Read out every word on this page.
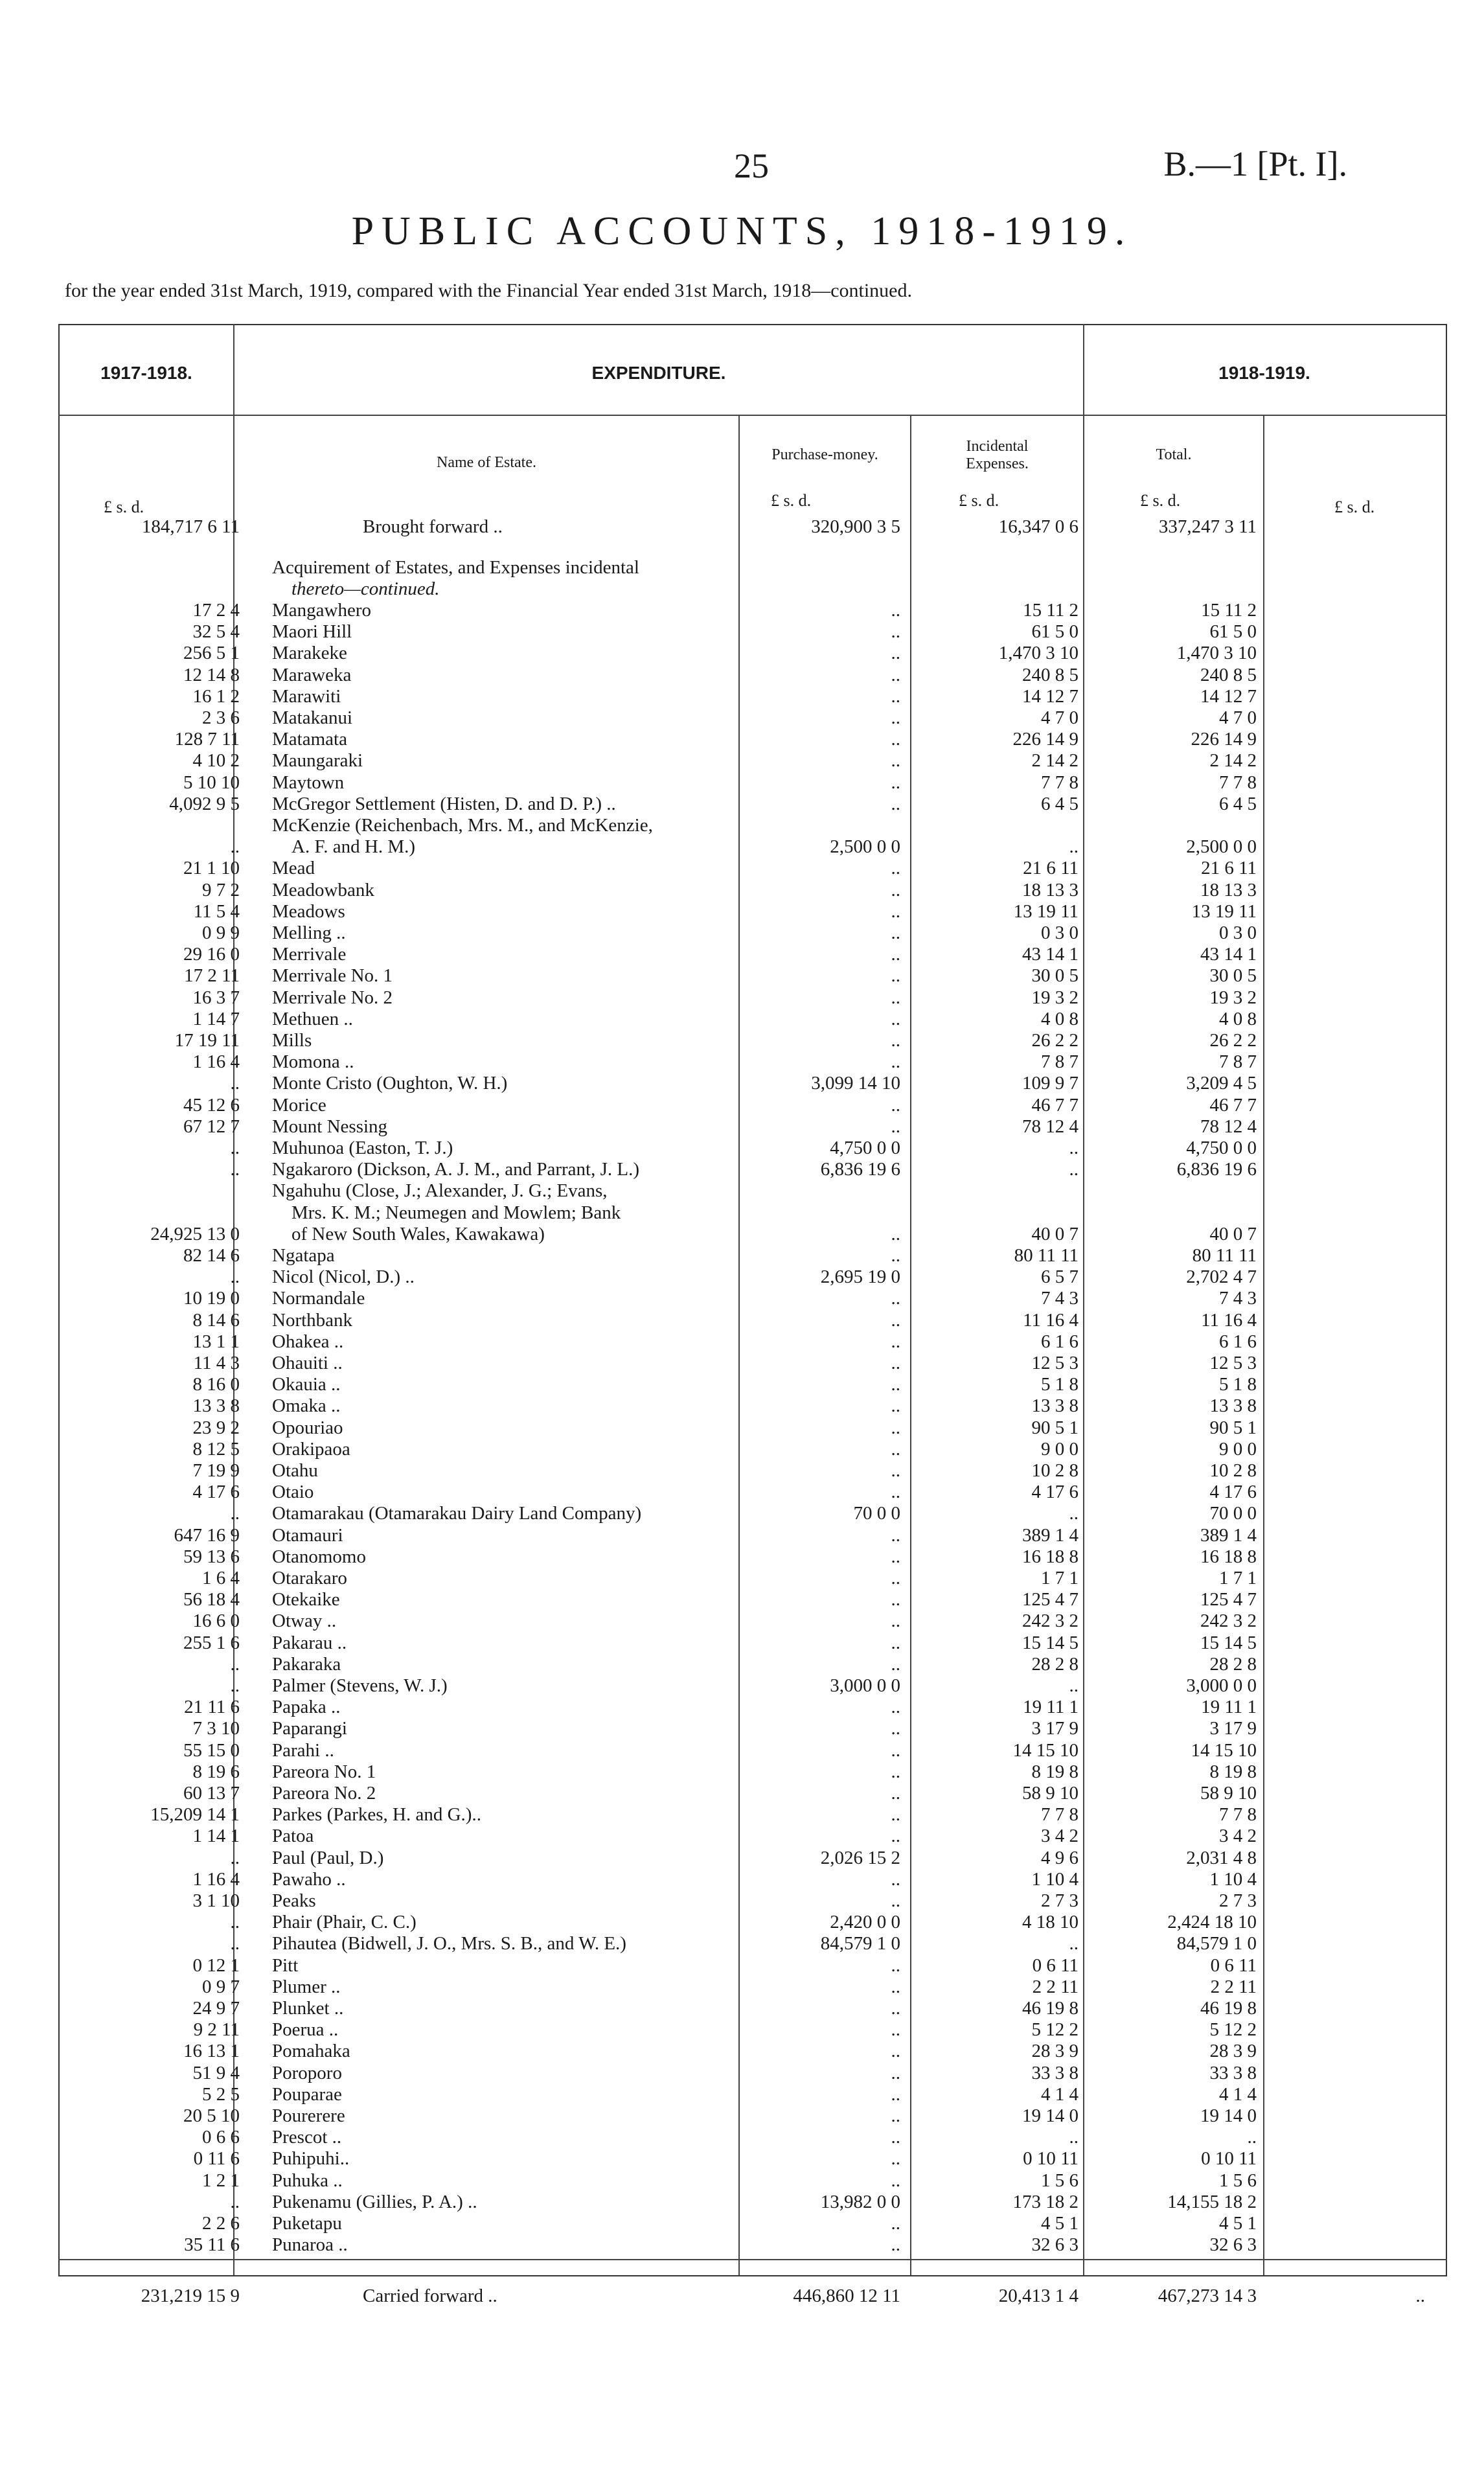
25	B.—1 [Pt. I].
PUBLIC ACCOUNTS, 1918-1919.
for the year ended 31st March, 1919, compared with the Financial Year ended 31st March, 1918—continued.
1917-1918.	EXPENDITURE.	1918-1919.
Name of Estate.	Purchase-money.	Incidental
Expenses.
Total.
£ s. d.	£ s. d.	£ s. d.	£ s. d.	£ s. d.
184,717 6 11	Brought forward ..	320,900 3 5	16,347 0 6	337,247 3 11
Acquirement of Estates, and Expenses incidental
thereto—continued.
17 2 4 Mangawhero	..	15 11 2	15 11 2
32 5 4 Maori Hill	..	61 5 0	61 5 0
256 5 1 Marakeke	..	1,470 3 10	1,470 3 10
12 14 8 Maraweka	..	240 8 5	240 8 5
16 1 2 Marawiti	..	14 12 7	14 12 7
2 3 6 Matakanui	..	4 7 0	4 7 0
128 7 11 Matamata	..	226 14 9	226 14 9
4 10 2 Maungaraki	..	2 14 2	2 14 2
5 10 10 Maytown	..	7 7 8	7 7 8
4,092 9 5 McGregor Settlement (Histen, D. and D. P.) ..	..	6 4 5	6 4 5
McKenzie (Reichenbach, Mrs. M., and McKenzie,
..	A. F. and H. M.)	2,500 0 0	..	2,500 0 0
21 1 10 Mead	..	21 6 11	21 6 11
9 7 2 Meadowbank	..	18 13 3	18 13 3
11 5 4 Meadows	..	13 19 11	13 19 11
0 9 9 Melling ..	..	0 3 0	0 3 0
29 16 0 Merrivale	..	43 14 1	43 14 1
17 2 11 Merrivale No. 1	..	30 0 5	30 0 5
16 3 7 Merrivale No. 2	..	19 3 2	19 3 2
1 14 7 Methuen ..	..	4 0 8	4 0 8
17 19 11 Mills	..	26 2 2	26 2 2
1 16 4 Momona ..	..	7 8 7	7 8 7
.. Monte Cristo (Oughton, W. H.)	3,099 14 10	109 9 7	3,209 4 5
45 12 6 Morice	..	46 7 7	46 7 7
67 12 7 Mount Nessing	..	78 12 4	78 12 4
.. Muhunoa (Easton, T. J.)	4,750 0 0	..	4,750 0 0
.. Ngakaroro (Dickson, A. J. M., and Parrant, J. L.)	6,836 19 6	..	6,836 19 6
Ngahuhu (Close, J.; Alexander, J. G.; Evans,
Mrs. K. M.; Neumegen and Mowlem; Bank
24,925 13 0	of New South Wales, Kawakawa)	..	40 0 7	40 0 7
82 14 6 Ngatapa	..	80 11 11	80 11 11
.. Nicol (Nicol, D.) ..	2,695 19 0	6 5 7	2,702 4 7
10 19 0 Normandale	..	7 4 3	7 4 3
8 14 6 Northbank	..	11 16 4	11 16 4
13 1 1 Ohakea ..	..	6 1 6	6 1 6
11 4 3 Ohauiti ..	..	12 5 3	12 5 3
8 16 0 Okauia ..	..	5 1 8	5 1 8
13 3 8 Omaka ..	..	13 3 8	13 3 8
23 9 2 Opouriao	..	90 5 1	90 5 1
8 12 5 Orakipaoa	..	9 0 0	9 0 0
7 19 9 Otahu	..	10 2 8	10 2 8
4 17 6 Otaio	..	4 17 6	4 17 6
.. Otamarakau (Otamarakau Dairy Land Company)	70 0 0	..	70 0 0
647 16 9 Otamauri	..	389 1 4	389 1 4
59 13 6 Otanomomo	..	16 18 8	16 18 8
1 6 4 Otarakaro	..	1 7 1	1 7 1
56 18 4 Otekaike	..	125 4 7	125 4 7
16 6 0 Otway ..	..	242 3 2	242 3 2
255 1 6 Pakarau ..	..	15 14 5	15 14 5
.. Pakaraka	..	28 2 8	28 2 8
.. Palmer (Stevens, W. J.)	3,000 0 0	..	3,000 0 0
21 11 6 Papaka ..	..	19 11 1	19 11 1
7 3 10 Paparangi	..	3 17 9	3 17 9
55 15 0 Parahi ..	..	14 15 10	14 15 10
8 19 6 Pareora No. 1	..	8 19 8	8 19 8
60 13 7 Pareora No. 2	..	58 9 10	58 9 10
15,209 14 1 Parkes (Parkes, H. and G.)..	..	7 7 8	7 7 8
1 14 1 Patoa	..	3 4 2	3 4 2
.. Paul (Paul, D.)	2,026 15 2	4 9 6	2,031 4 8
1 16 4 Pawaho ..	..	1 10 4	1 10 4
3 1 10 Peaks	..	2 7 3	2 7 3
.. Phair (Phair, C. C.)	2,420 0 0	4 18 10	2,424 18 10
.. Pihautea (Bidwell, J. O., Mrs. S. B., and W. E.)	84,579 1 0	..	84,579 1 0
0 12 1 Pitt	..	0 6 11	0 6 11
0 9 7 Plumer ..	..	2 2 11	2 2 11
24 9 7 Plunket ..	..	46 19 8	46 19 8
9 2 11 Poerua ..	..	5 12 2	5 12 2
16 13 1 Pomahaka	..	28 3 9	28 3 9
51 9 4 Poroporo	..	33 3 8	33 3 8
5 2 5 Pouparae	..	4 1 4	4 1 4
20 5 10 Pourerere	..	19 14 0	19 14 0
0 6 6 Prescot ..	..	..	..
0 11 6 Puhipuhi..	..	0 10 11	0 10 11
1 2 1 Puhuka ..	..	1 5 6	1 5 6
.. Pukenamu (Gillies, P. A.) ..	13,982 0 0	173 18 2	14,155 18 2
2 2 6 Puketapu	..	4 5 1	4 5 1
35 11 6 Punaroa ..	..	32 6 3	32 6 3
231,219 15 9	Carried forward ..	446,860 12 11	20,413 1 4	467,273 14 3	..
